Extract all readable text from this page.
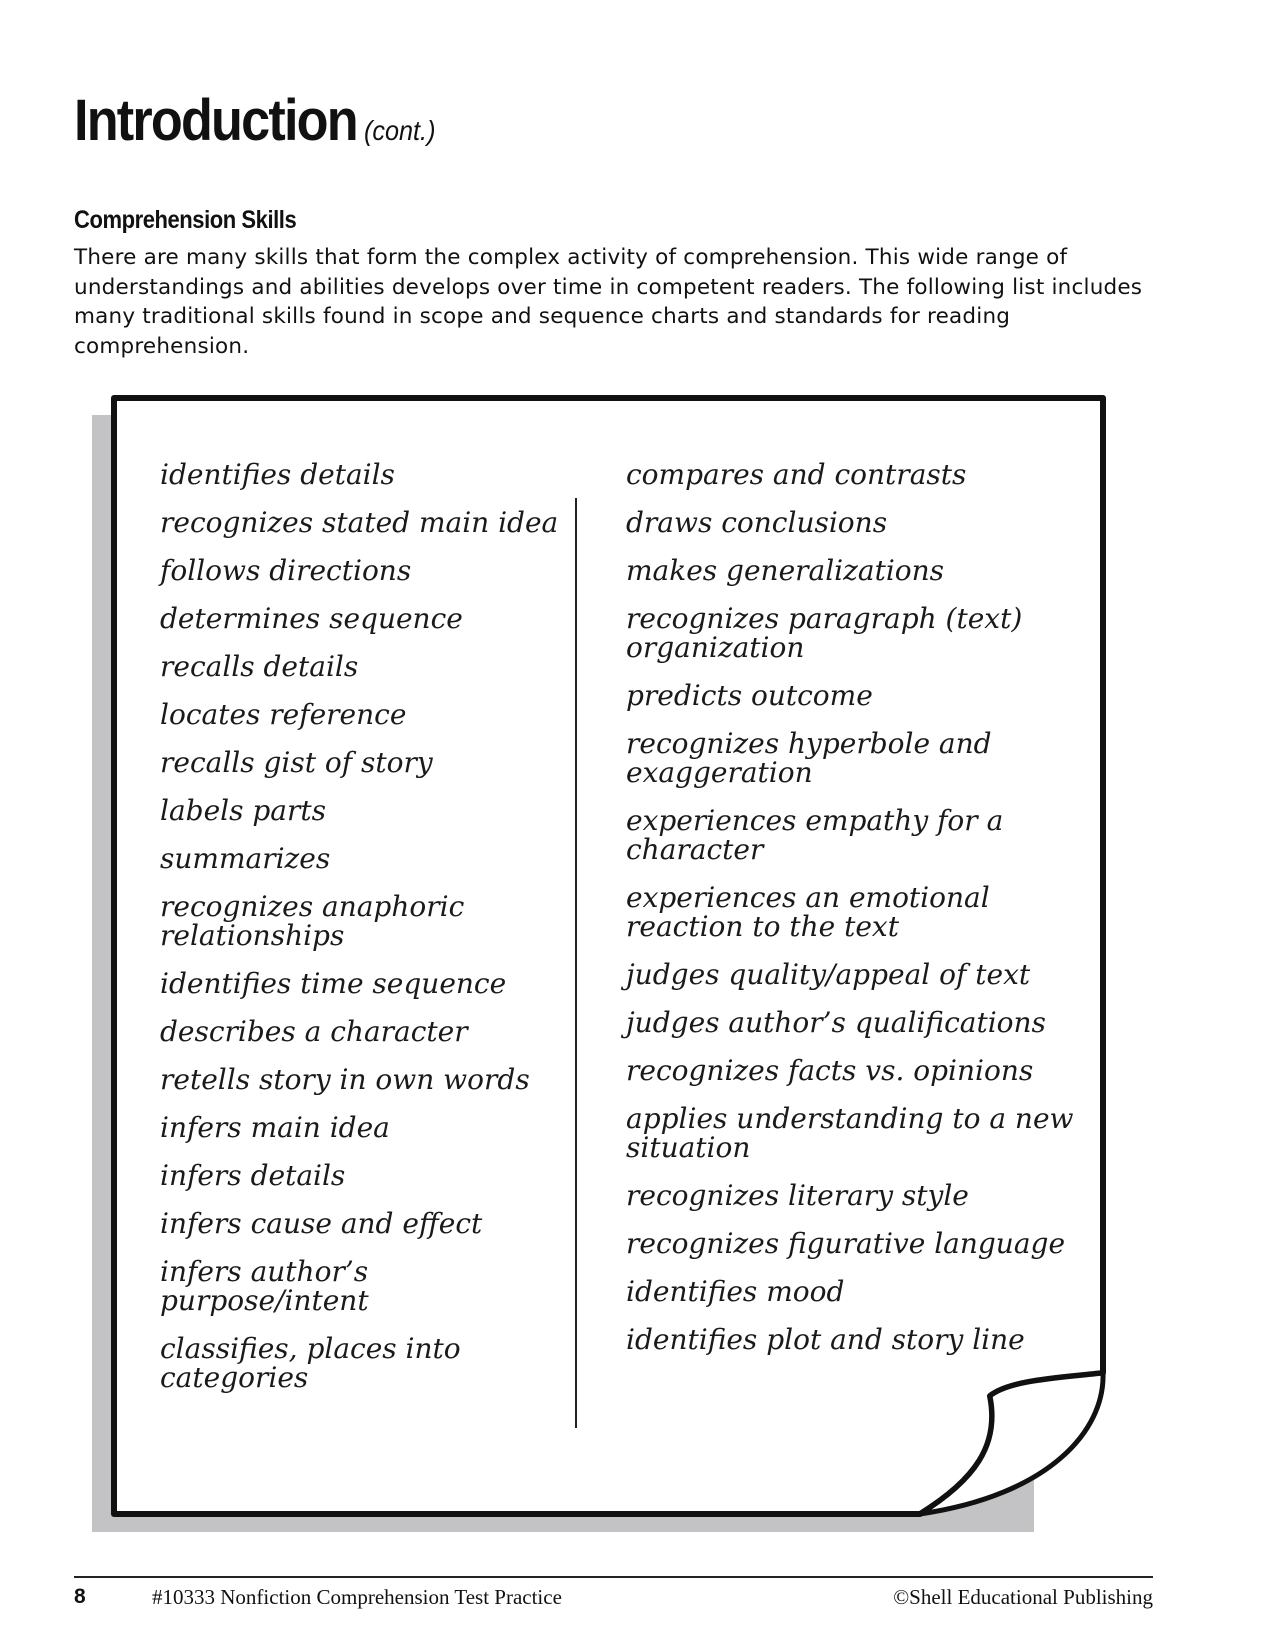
Introduction (cont.)
Comprehension Skills

There are many skills that form the complex activity of comprehension. This wide range of understandings and abilities develops over time in competent readers. The following list includes many traditional skills found in scope and sequence charts and standards for reading comprehension.

identifies details
recognizes stated main idea
follows directions
determines sequence
recalls details
locates reference
recalls gist of story
labels parts
summarizes
recognizes anaphoric relationships
identifies time sequence
describes a character
retells story in own words
infers main idea
infers details
infers cause and effect
infers author’s purpose/intent
classifies, places into categories
compares and contrasts
draws conclusions
makes generalizations
recognizes paragraph (text) organization
predicts outcome
recognizes hyperbole and exaggeration
experiences empathy for a character
experiences an emotional reaction to the text
judges quality/appeal of text
judges author’s qualifications
recognizes facts vs. opinions
applies understanding to a new situation
recognizes literary style
recognizes figurative language
identifies mood
identifies plot and story line
8	#10333 Nonfiction Comprehension Test Practice	©Shell Educational Publishing
